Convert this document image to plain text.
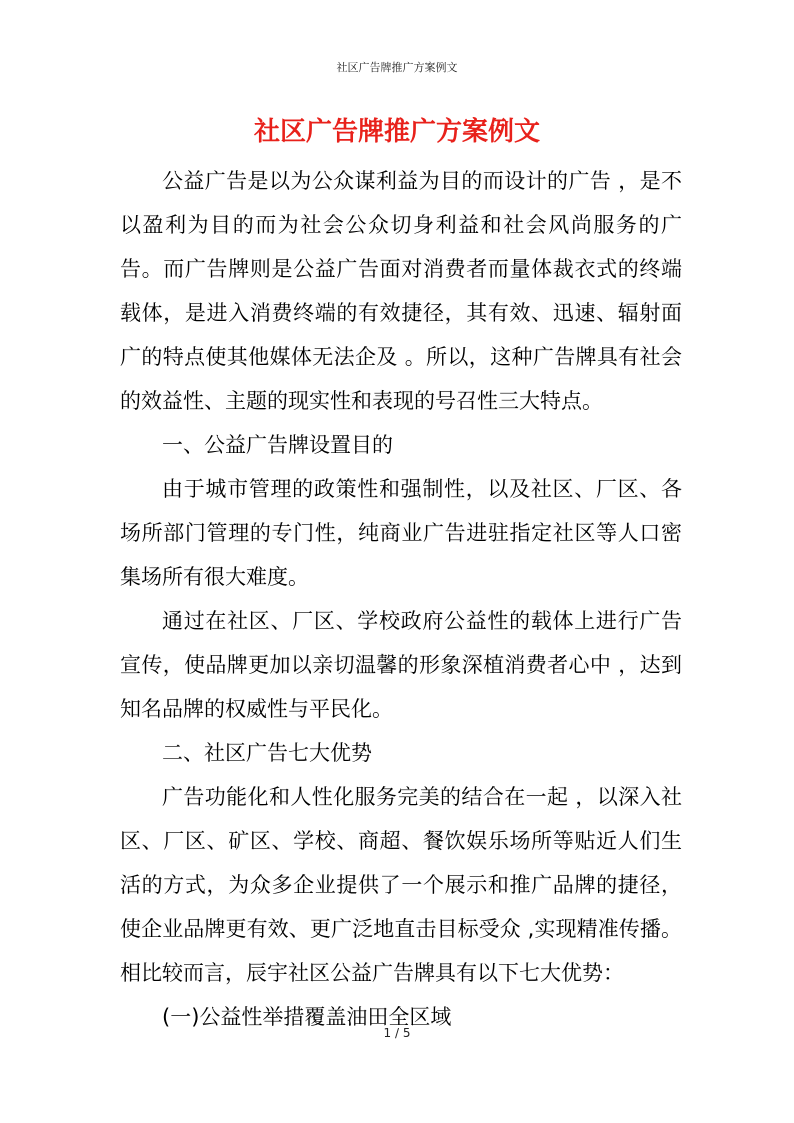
社区广告牌推广方案例文
社区广告牌推广方案例文

公益广告是以为公众谋利益为目的而设计的广告 ，是不以盈利为目的而为社会公众切身利益和社会风尚服务的广告。而广告牌则是公益广告面对消费者而量体裁衣式的终端载体，是进入消费终端的有效捷径，其有效、迅速、辐射面广的特点使其他媒体无法企及 。所以，这种广告牌具有社会的效益性、主题的现实性和表现的号召性三大特点。

一、公益广告牌设置目的

由于城市管理的政策性和强制性，以及社区、厂区、各场所部门管理的专门性，纯商业广告进驻指定社区等人口密集场所有很大难度。

通过在社区、厂区、学校政府公益性的载体上进行广告宣传，使品牌更加以亲切温馨的形象深植消费者心中 ，达到知名品牌的权威性与平民化。

二、社区广告七大优势

广告功能化和人性化服务完美的结合在一起 ，以深入社区、厂区、矿区、学校、商超、餐饮娱乐场所等贴近人们生活的方式，为众多企业提供了一个展示和推广品牌的捷径，使企业品牌更有效、更广泛地直击目标受众 ,实现精准传播。相比较而言，辰宇社区公益广告牌具有以下七大优势：

(一)公益性举措覆盖油田全区域

1 / 5
